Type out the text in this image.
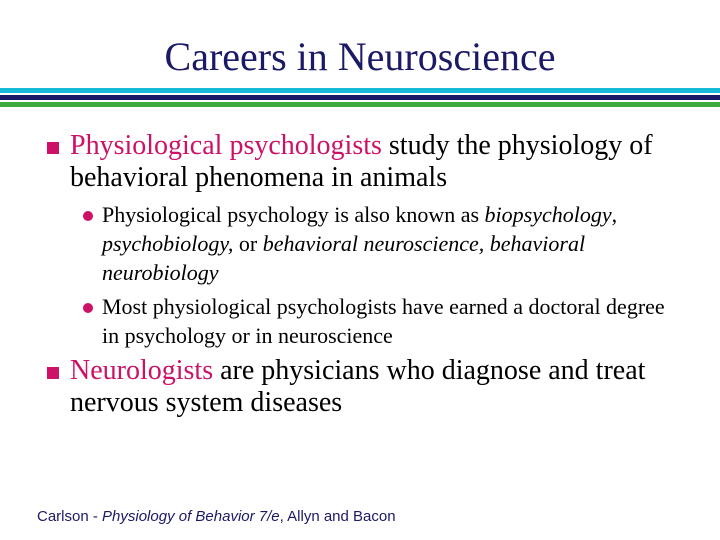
Careers in Neuroscience
Physiological psychologists study the physiology of behavioral phenomena in animals
Physiological psychology is also known as biopsychology, psychobiology, or behavioral neuroscience, behavioral neurobiology
Most physiological psychologists have earned a doctoral degree in psychology or in neuroscience
Neurologists are physicians who diagnose and treat nervous system diseases
Carlson - Physiology of Behavior 7/e, Allyn and Bacon
